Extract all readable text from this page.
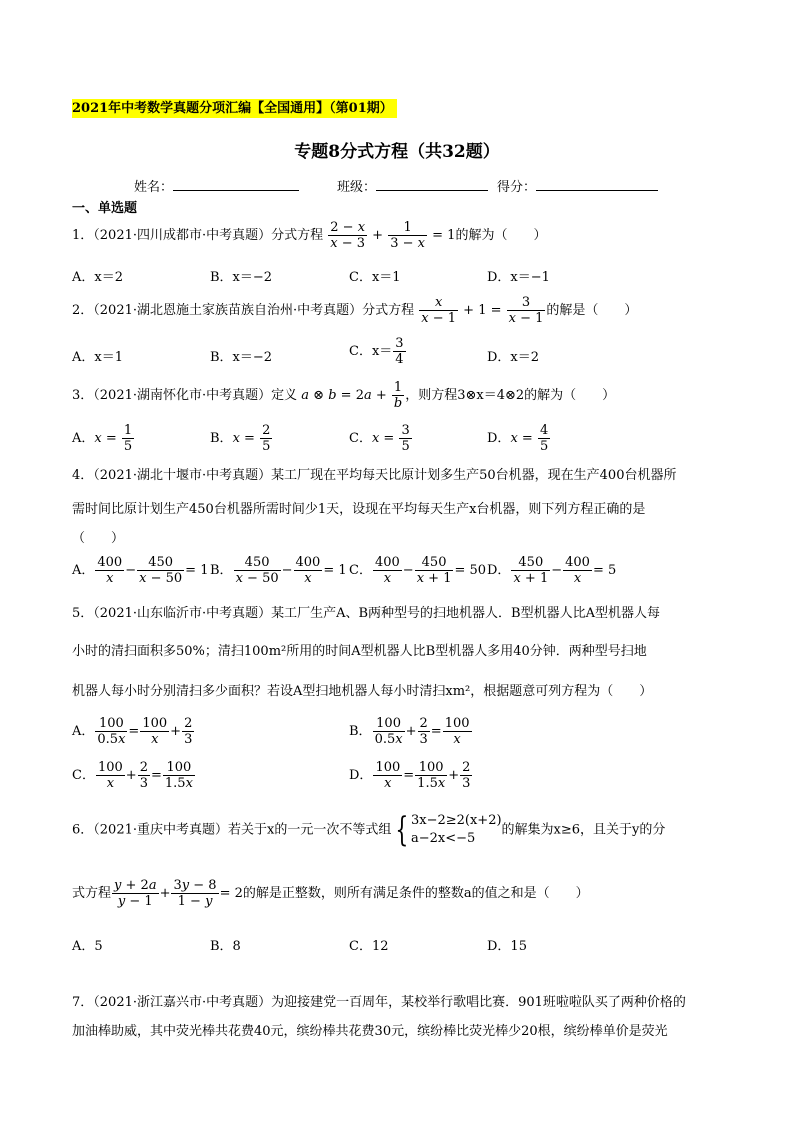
2021年中考数学真题分项汇编【全国通用】（第01期）
专题8分式方程（共32题）
姓名：	班级：	得分：
一、单选题
1．（2021·四川成都市·中考真题）分式方程 $\frac{2 - x}{x - 3} + \frac{1}{3 - x} = 1$的解为（　　）
A．x＝2	B．x＝−2	C．x＝1	D．x＝−1
2．（2021·湖北恩施土家族苗族自治州·中考真题）分式方程 $\frac{x}{x - 1} + 1 = \frac{3}{x - 1}$ 的解是（　　）
A．x＝1	B．x＝−2	C．$x= \frac{3}{4}$	D．x＝2
3．（2021·湖南怀化市·中考真题）定义 a ⊗ $b = 2a + \frac{1}{b}$ ，则方程3⊗x＝4⊗2的解为（　　）
A．$x = \frac{1}{5}$	B．$x = \frac{2}{5}$	C．$x = \frac{3}{5}$	D．$x = \frac{4}{5}$
4．（2021·湖北十堰市·中考真题）某工厂现在平均每天比原计划多生产50台机器，现在生产400台机器所
需时间比原计划生产450台机器所需时间少1天，设现在平均每天生产x台机器，则下列方程正确的是
（　　）
A． $\frac{400}{x} - \frac{450}{x - 50} = 1$ B． $\frac{450}{x - 50} - \frac{400}{x} = 1$ C． $\frac{400}{x} - \frac{450}{x + 1} = 50$ D． $\frac{450}{x + 1} - \frac{400}{x} = 5$
5．（2021·山东临沂市·中考真题）某工厂生产A、B两种型号的扫地机器人．B型机器人比A型机器人每
小时的清扫面积多50%；清扫100m²所用的时间A型机器人比B型机器人多用40分钟．两种型号扫地
机器人每小时分别清扫多少面积？若设A型扫地机器人每小时清扫xm²，根据题意可列方程为（　　）
A． $\frac{100}{0.5x} = \frac{100}{x} + \frac{2}{3}$	B． $\frac{100}{0.5x} + \frac{2}{3} = \frac{100}{x}$
C． $\frac{100}{x} + \frac{2}{3} = \frac{100}{1.5x}$	D． $\frac{100}{x} = \frac{100}{1.5x} + \frac{2}{3}$
6．（2021·重庆中考真题）若关于x的一元一次不等式组 { 3x−2≥2(x+2)
a−2x<−5
的解集为x≥6，且关于y的分
式方程 $\frac{y + 2a}{y - 1} + \frac{3y - 8}{1 - y} = 2$的解是正整数，则所有满足条件的整数a的值之和是（　　）
A．5	B．8	C．12	D．15
7．（2021·浙江嘉兴市·中考真题）为迎接建党一百周年，某校举行歌唱比赛．901班啦啦队买了两种价格的
加油棒助威，其中荧光棒共花费40元，缤纷棒共花费30元，缤纷棒比荧光棒少20根，缤纷棒单价是荧光
